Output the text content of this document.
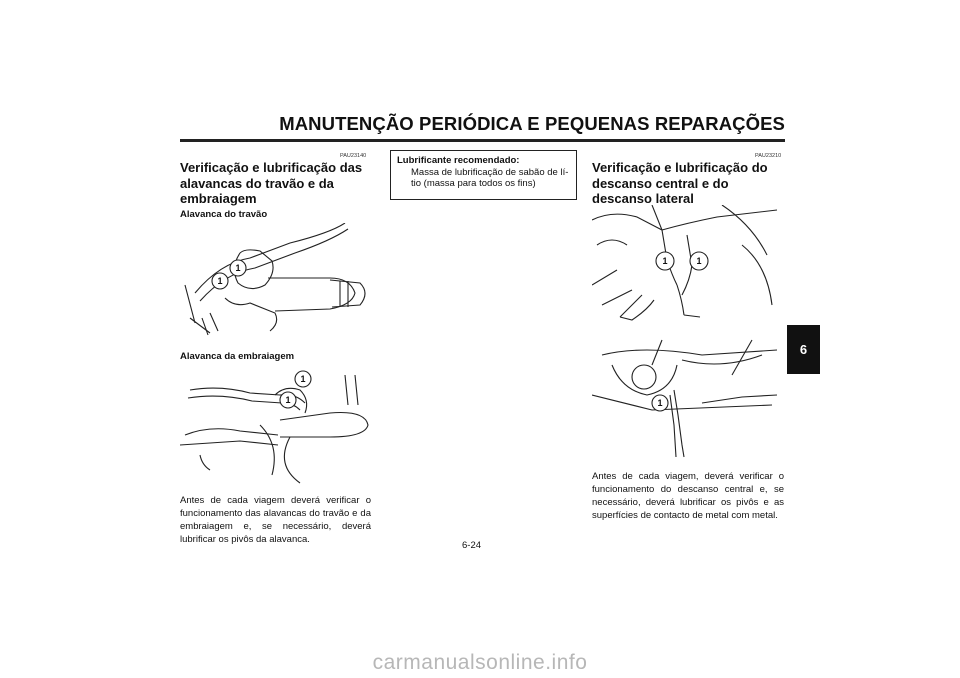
MANUTENÇÃO PERIÓDICA E PEQUENAS REPARAÇÕES
PAU23140
Verificação e lubrificação das alavancas do travão e da embraiagem
Alavanca do travão
1
1
Alavanca da embraiagem
1
1
Antes de cada viagem deverá verificar o funcionamento das alavancas do travão e da embraiagem e, se necessário, deverá lubrificar os pivôs da alavanca.
Lubrificante recomendado:
Massa de lubrificação de sabão de lí-
tio (massa para todos os fins)
PAU23210
Verificação e lubrificação do descanso central e do descanso lateral
1	1
1
Antes de cada viagem, deverá verificar o funcionamento do descanso central e, se necessário, deverá lubrificar os pivôs e as superfícies de contacto de metal com metal.
6-24
6
carmanualsonline.info
